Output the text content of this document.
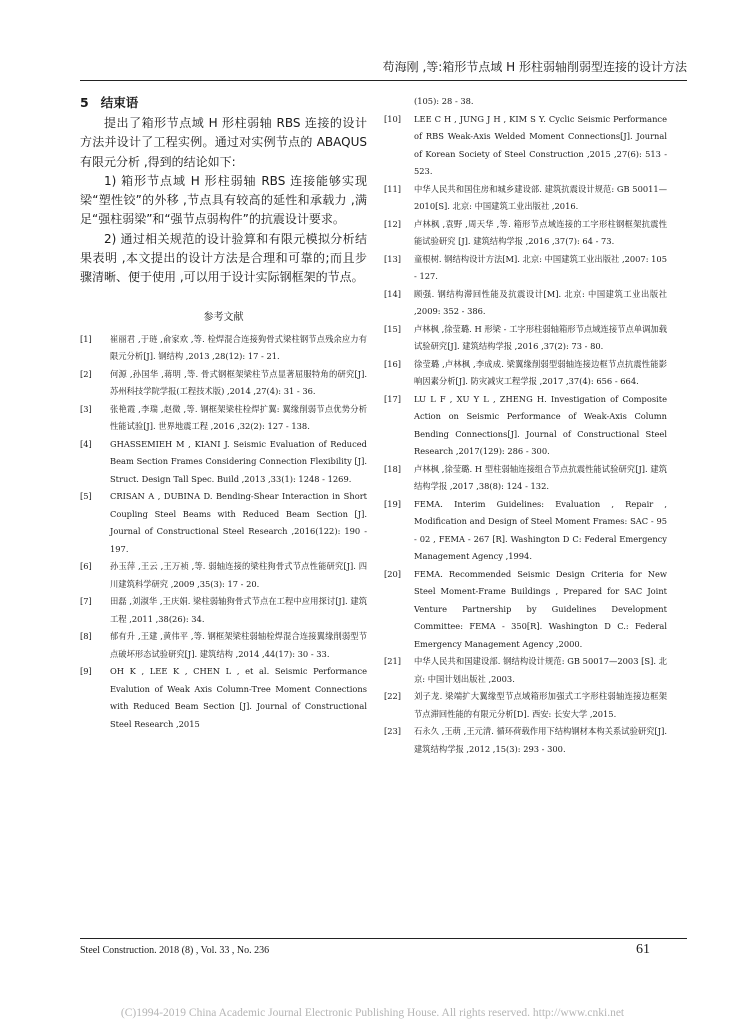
苟海刚 ,等:箱形节点域 H 形柱弱轴削弱型连接的设计方法
5 结束语

提出了箱形节点域 H 形柱弱轴 RBS 连接的设计方法并设计了工程实例。通过对实例节点的 ABAQUS 有限元分析 ,得到的结论如下:

1) 箱形节点域 H 形柱弱轴 RBS 连接能够实现梁“塑性铰”的外移 ,节点具有较高的延性和承载力 ,满足“强柱弱梁”和“强节点弱构件”的抗震设计要求。

2) 通过相关规范的设计验算和有限元模拟分析结果表明 ,本文提出的设计方法是合理和可靠的;而且步骤清晰、便于使用 ,可以用于设计实际钢框架的节点。

参考文献
[1] 崔丽君 ,于琏 ,俞家欢 ,等. 栓焊混合连接狗骨式梁柱钢节点残余应力有限元分析[J]. 钢结构 ,2013 ,28(12): 17 - 21.
[2] 何源 ,孙国华 ,蒋明 ,等. 骨式钢框架梁柱节点显著屈服特角的研究[J]. 苏州科技学院学报(工程技术版) ,2014 ,27(4): 31 - 36.
[3] 张艳霞 ,李瑞 ,赵微 ,等. 钢框架梁柱栓焊扩翼: 翼缘削弱节点优势分析性能试验[J]. 世界地震工程 ,2016 ,32(2): 127 - 138.
[4] GHASSEMIEH M , KIANI J. Seismic Evaluation of Reduced Beam Section Frames Considering Connection Flexibility [J]. Struct. Design Tall Spec. Build ,2013 ,33(1): 1248 - 1269.
[5] CRISAN A , DUBINA D. Bending-Shear Interaction in Short Coupling Steel Beams with Reduced Beam Section [J]. Journal of Constructional Steel Research ,2016(122): 190 - 197.
[6] 孙玉萍 ,王云 ,王万祯 ,等. 弱轴连接的梁柱狗骨式节点性能研究[J]. 四川建筑科学研究 ,2009 ,35(3): 17 - 20.
[7] 田磊 ,刘淑华 ,王庆娟. 梁柱弱轴狗骨式节点在工程中应用探讨[J]. 建筑工程 ,2011 ,38(26): 34.
[8] 郁有升 ,王建 ,黄伟平 ,等. 钢框架梁柱弱轴栓焊混合连接翼缘削弱型节点破坏形态试验研究[J]. 建筑结构 ,2014 ,44(17): 30 - 33.
[9] OH K , LEE K , CHEN L , et al. Seismic Performance Evalution of Weak Axis Column-Tree Moment Connections with Reduced Beam Section [J]. Journal of Constructional Steel Research ,2015
(105): 28 - 38.
[10] LEE C H , JUNG J H , KIM S Y. Cyclic Seismic Performance of RBS Weak-Axis Welded Moment Connections[J]. Journal of Korean Society of Steel Construction ,2015 ,27(6): 513 - 523.
[11] 中华人民共和国住房和城乡建设部. 建筑抗震设计规范: GB 50011—2010[S]. 北京: 中国建筑工业出版社 ,2016.
[12] 卢林枫 ,袁野 ,周天华 ,等. 箱形节点域连接的工字形柱钢框架抗震性能试验研究 [J]. 建筑结构学报 ,2016 ,37(7): 64 - 73.
[13] 童根树. 钢结构设计方法[M]. 北京: 中国建筑工业出版社 ,2007: 105 - 127.
[14] 顾强. 钢结构滞回性能及抗震设计[M]. 北京: 中国建筑工业出版社 ,2009: 352 - 386.
[15] 卢林枫 ,徐莹璐. H 形梁 - 工字形柱弱轴箱形节点域连接节点单调加载试验研究[J]. 建筑结构学报 ,2016 ,37(2): 73 - 80.
[16] 徐莹璐 ,卢林枫 ,李成成. 梁翼缘削弱型弱轴连接边框节点抗震性能影响因素分析[J]. 防灾减灾工程学报 ,2017 ,37(4): 656 - 664.
[17] LU L F , XU Y L , ZHENG H. Investigation of Composite Action on Seismic Performance of Weak-Axis Column Bending Connections[J]. Journal of Constructional Steel Research ,2017(129): 286 - 300.
[18] 卢林枫 ,徐莹璐. H 型柱弱轴连接组合节点抗震性能试验研究[J]. 建筑结构学报 ,2017 ,38(8): 124 - 132.
[19] FEMA. Interim Guidelines: Evaluation , Repair , Modification and Design of Steel Moment Frames: SAC - 95 - 02 , FEMA - 267 [R]. Washington D C: Federal Emergency Management Agency ,1994.
[20] FEMA. Recommended Seismic Design Criteria for New Steel Moment-Frame Buildings , Prepared for SAC Joint Venture Partnership by Guidelines Development Committee: FEMA - 350[R]. Washington D C.: Federal Emergency Management Agency ,2000.
[21] 中华人民共和国建设部. 钢结构设计规范: GB 50017—2003 [S]. 北京: 中国计划出版社 ,2003.
[22] 刘子龙. 梁端扩大翼缘型节点域箱形加强式工字形柱弱轴连接边框架节点滞回性能的有限元分析[D]. 西安: 长安大学 ,2015.
[23] 石永久 ,王萌 ,王元清. 循环荷载作用下结构钢材本构关系试验研究[J]. 建筑结构学报 ,2012 ,15(3): 293 - 300.
Steel Construction. 2018 (8) , Vol. 33 , No. 236	61
(C)1994-2019 China Academic Journal Electronic Publishing House. All rights reserved. http://www.cnki.net
